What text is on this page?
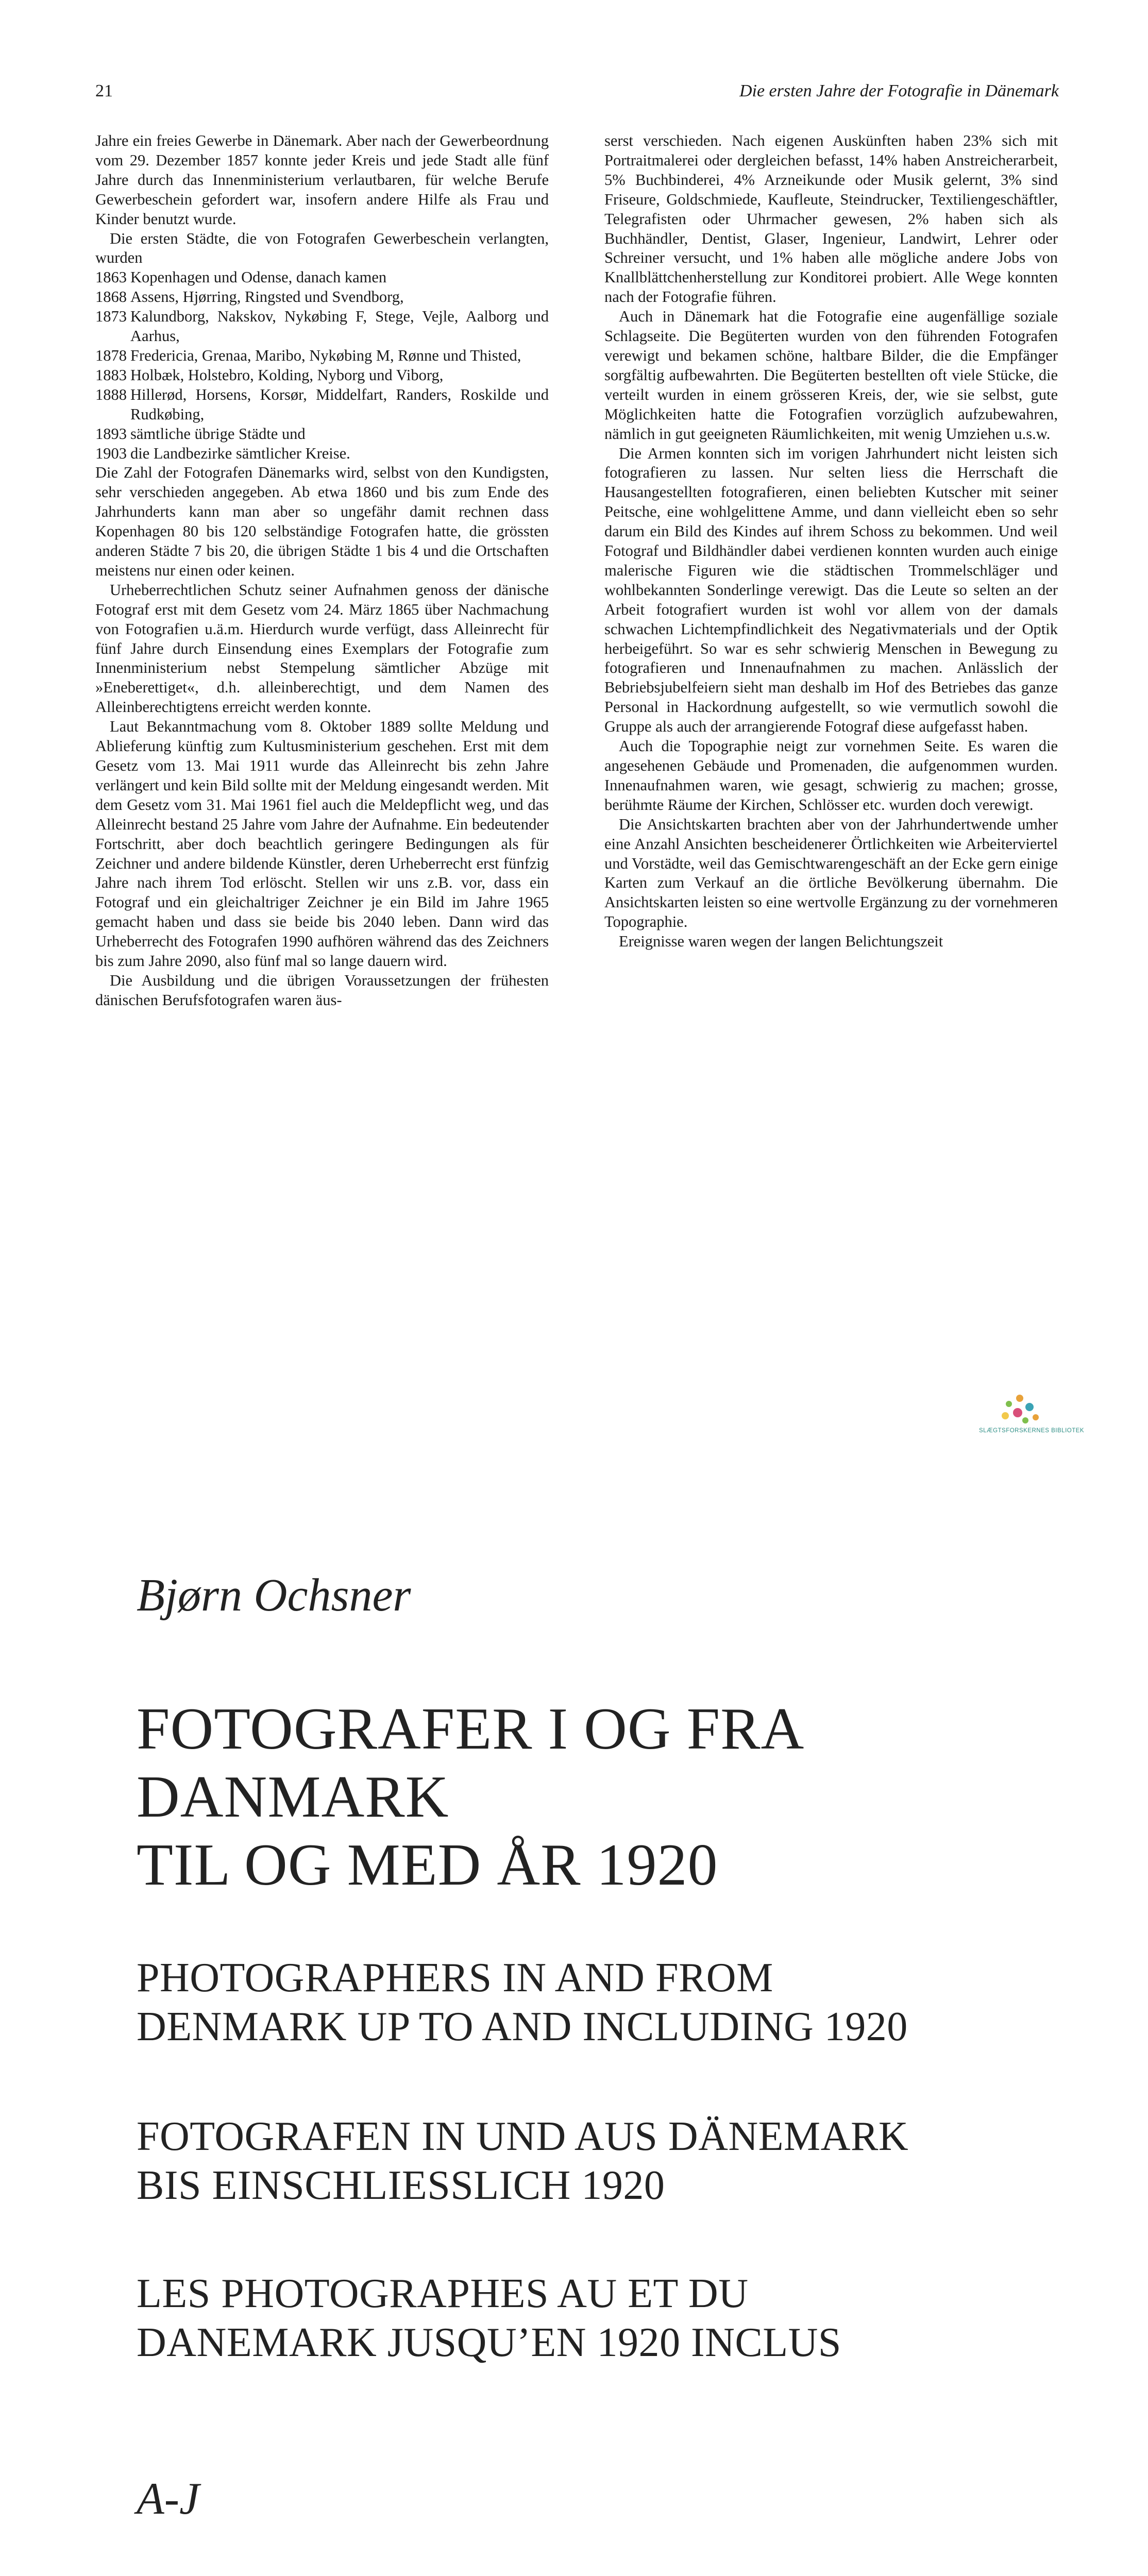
21	Die ersten Jahre der Fotografie in Dänemark

Jahre ein freies Gewerbe in Dänemark. Aber nach der Gewerbeordnung vom 29. Dezember 1857 konnte jeder Kreis und jede Stadt alle fünf Jahre durch das Innenministerium verlautbaren, für welche Berufe Gewerbeschein gefordert war, insofern andere Hilfe als Frau und Kinder benutzt wurde.

Die ersten Städte, die von Fotografen Gewerbeschein verlangten, wurden

1863 Kopenhagen und Odense, danach kamen
1868 Assens, Hjørring, Ringsted und Svendborg,
1873 Kalundborg, Nakskov, Nykøbing F, Stege, Vejle, Aalborg und Aarhus,
1878 Fredericia, Grenaa, Maribo, Nykøbing M, Rønne und Thisted,
1883 Holbæk, Holstebro, Kolding, Nyborg und Viborg,
1888 Hillerød, Horsens, Korsør, Middelfart, Randers, Roskilde und Rudkøbing,
1893 sämtliche übrige Städte und
1903 die Landbezirke sämtlicher Kreise.

Die Zahl der Fotografen Dänemarks wird, selbst von den Kundigsten, sehr verschieden angegeben. Ab etwa 1860 und bis zum Ende des Jahrhunderts kann man aber so ungefähr damit rechnen dass Kopenhagen 80 bis 120 selbständige Fotografen hatte, die grössten anderen Städte 7 bis 20, die übrigen Städte 1 bis 4 und die Ortschaften meistens nur einen oder keinen.

Urheberrechtlichen Schutz seiner Aufnahmen genoss der dänische Fotograf erst mit dem Gesetz vom 24. März 1865 über Nachmachung von Fotografien u.ä.m. Hierdurch wurde verfügt, dass Alleinrecht für fünf Jahre durch Einsendung eines Exemplars der Fotografie zum Innenministerium nebst Stempelung sämtlicher Abzüge mit »Eneberettiget«, d.h. alleinberechtigt, und dem Namen des Alleinberechtigtens erreicht werden konnte.

Laut Bekanntmachung vom 8. Oktober 1889 sollte Meldung und Ablieferung künftig zum Kultusministerium geschehen. Erst mit dem Gesetz vom 13. Mai 1911 wurde das Alleinrecht bis zehn Jahre verlängert und kein Bild sollte mit der Meldung eingesandt werden. Mit dem Gesetz vom 31. Mai 1961 fiel auch die Meldepflicht weg, und das Alleinrecht bestand 25 Jahre vom Jahre der Aufnahme. Ein bedeutender Fortschritt, aber doch beachtlich geringere Bedingungen als für Zeichner und andere bildende Künstler, deren Urheberrecht erst fünfzig Jahre nach ihrem Tod erlöscht. Stellen wir uns z.B. vor, dass ein Fotograf und ein gleichaltriger Zeichner je ein Bild im Jahre 1965 gemacht haben und dass sie beide bis 2040 leben. Dann wird das Urheberrecht des Fotografen 1990 aufhören während das des Zeichners bis zum Jahre 2090, also fünf mal so lange dauern wird.

Die Ausbildung und die übrigen Voraussetzungen der frühesten dänischen Berufsfotografen waren äus-

serst verschieden. Nach eigenen Auskünften haben 23% sich mit Portraitmalerei oder dergleichen befasst, 14% haben Anstreicherarbeit, 5% Buchbinderei, 4% Arzneikunde oder Musik gelernt, 3% sind Friseure, Goldschmiede, Kaufleute, Steindrucker, Textiliengeschäftler, Telegrafisten oder Uhrmacher gewesen, 2% haben sich als Buchhändler, Dentist, Glaser, Ingenieur, Landwirt, Lehrer oder Schreiner versucht, und 1% haben alle mögliche andere Jobs von Knallblättchenherstellung zur Konditorei probiert. Alle Wege konnten nach der Fotografie führen.

Auch in Dänemark hat die Fotografie eine augenfällige soziale Schlagseite. Die Begüterten wurden von den führenden Fotografen verewigt und bekamen schöne, haltbare Bilder, die die Empfänger sorgfältig aufbewahrten. Die Begüterten bestellten oft viele Stücke, die verteilt wurden in einem grösseren Kreis, der, wie sie selbst, gute Möglichkeiten hatte die Fotografien vorzüglich aufzubewahren, nämlich in gut geeigneten Räumlichkeiten, mit wenig Umziehen u.s.w.

Die Armen konnten sich im vorigen Jahrhundert nicht leisten sich fotografieren zu lassen. Nur selten liess die Herrschaft die Hausangestellten fotografieren, einen beliebten Kutscher mit seiner Peitsche, eine wohlgelittene Amme, und dann vielleicht eben so sehr darum ein Bild des Kindes auf ihrem Schoss zu bekommen. Und weil Fotograf und Bildhändler dabei verdienen konnten wurden auch einige malerische Figuren wie die städtischen Trommelschläger und wohlbekannten Sonderlinge verewigt. Das die Leute so selten an der Arbeit fotografiert wurden ist wohl vor allem von der damals schwachen Lichtempfindlichkeit des Negativmaterials und der Optik herbeigeführt. So war es sehr schwierig Menschen in Bewegung zu fotografieren und Innenaufnahmen zu machen. Anlässlich der Bebriebsjubelfeiern sieht man deshalb im Hof des Betriebes das ganze Personal in Hackordnung aufgestellt, so wie vermutlich sowohl die Gruppe als auch der arrangierende Fotograf diese aufgefasst haben.

Auch die Topographie neigt zur vornehmen Seite. Es waren die angesehenen Gebäude und Promenaden, die aufgenommen wurden. Innenaufnahmen waren, wie gesagt, schwierig zu machen; grosse, berühmte Räume der Kirchen, Schlösser etc. wurden doch verewigt.

Die Ansichtskarten brachten aber von der Jahrhundertwende umher eine Anzahl Ansichten bescheidenerer Örtlichkeiten wie Arbeiterviertel und Vorstädte, weil das Gemischtwarengeschäft an der Ecke gern einige Karten zum Verkauf an die örtliche Bevölkerung übernahm. Die Ansichtskarten leisten so eine wertvolle Ergänzung zu der vornehmeren Topographie.

Ereignisse waren wegen der langen Belichtungszeit

SLÆGTSFORSKERNES BIBLIOTEK
Bjørn Ochsner
FOTOGRAFER I OG FRA
DANMARK
TIL OG MED ÅR 1920
PHOTOGRAPHERS IN AND FROM
DENMARK UP TO AND INCLUDING 1920
FOTOGRAFEN IN UND AUS DÄNEMARK
BIS EINSCHLIESSLICH 1920
LES PHOTOGRAPHES AU ET DU
DANEMARK JUSQU’EN 1920 INCLUS
A-J
